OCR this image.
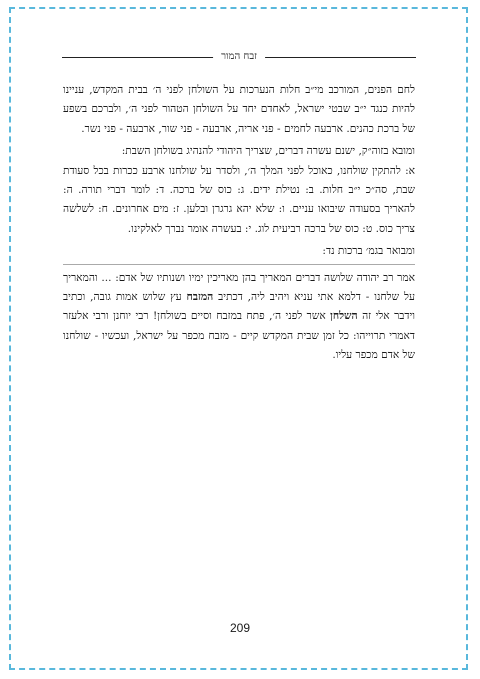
זבח המור

לחם הפנים, המורכב מי״ב חלות הנערכות על השולחן לפני ה׳ בבית המקדש, עניינו להיות כנגד י״ב שבטי ישראל, לאחדם יחד על השולחן הטהור לפני ה׳, ולברכם בשפע של ברכת כהנים. ארבעה לחמים - פני אריה, ארבעה - פני שור, ארבעה - פני נשר.

ומובא בזוה״ק, ישנם עשרה דברים, שצריך היהודי להנהיג בשולחן השבת:

א: להתקין שולחנו, כאוכל לפני המלך ה׳, ולסדר על שולחנו ארבע ככרות בכל סעודת שבת, סה״כ י״ב חלות. ב: נטילת ידים. ג: כוס של ברכה. ד: לומר דברי תורה. ה: להאריך בסעודה שיבואו עניים. ו: שלא יהא גרגרן ובלען. ז: מים אחרונים. ח: לשלשה צריך כוס. ט: כוס של ברכה רביעית לוג. י: בעשרה אומר נברך לאלקינו.

ומבואר בגמ׳ ברכות נד:

אמר רב יהודה שלושה דברים המאריך בהן מאריכין ימיו ושנותיו של אדם: ... והמאריך על שלחנו - דלמא אתי עניא ויהיב ליה, דכתיב המזבח עץ שלוש אמות גובה, וכתיב וידבר אלי זה השלחן אשר לפני ה׳, פתח במזבח וסיים בשולחן! רבי יוחנן ורבי אלעזר דאמרי תרוייהו: כל זמן שבית המקדש קיים - מזבח מכפר על ישראל, ועכשיו - שולחנו של אדם מכפר עליו.

209
